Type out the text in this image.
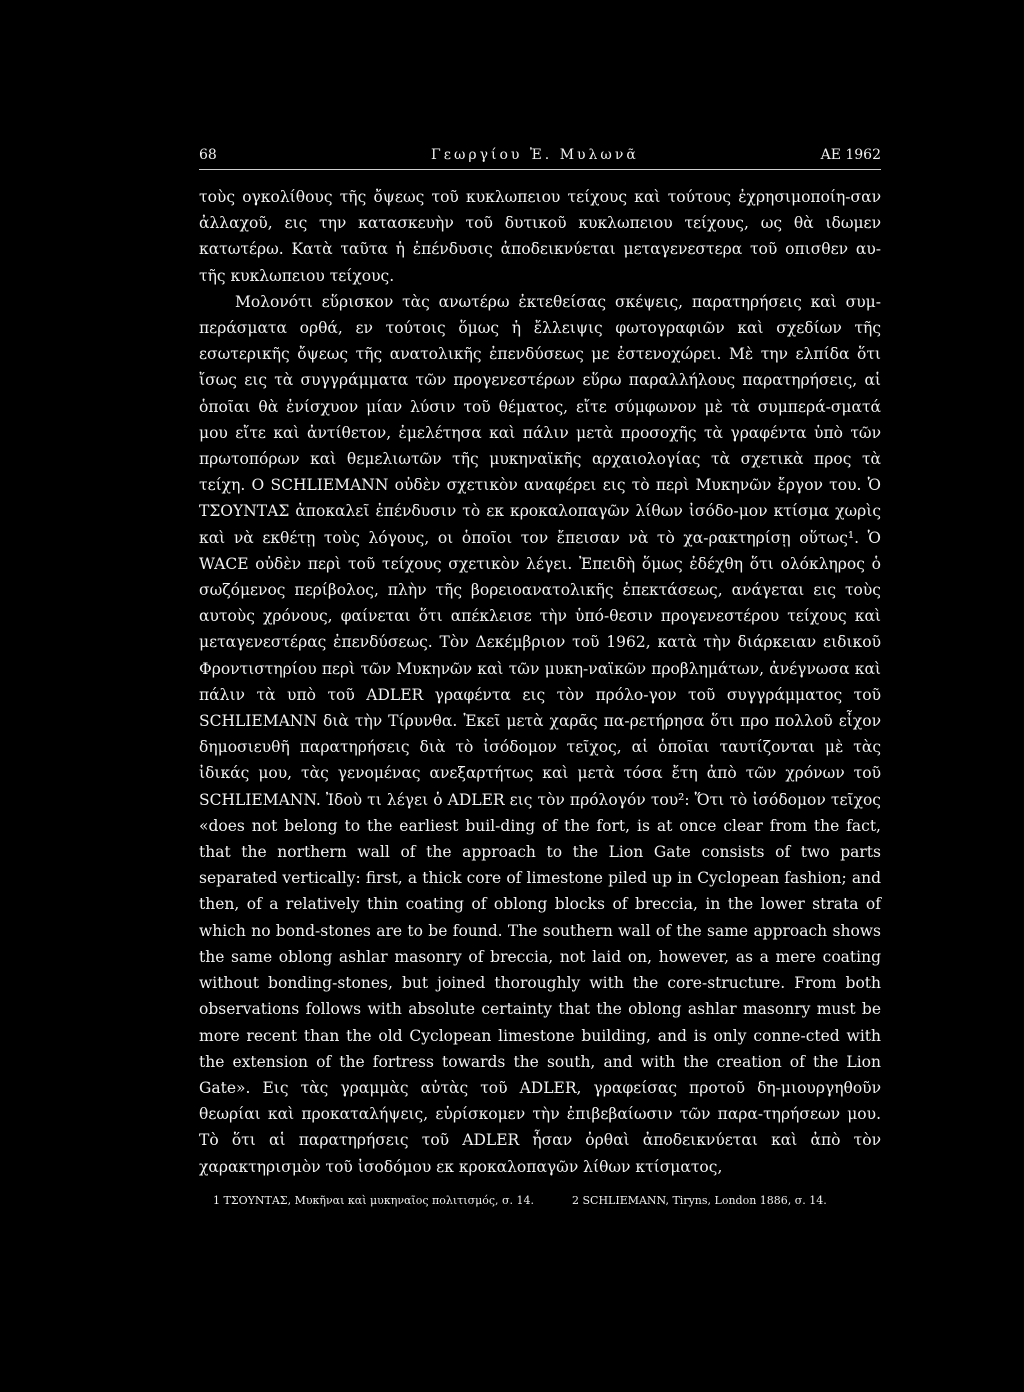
68	Γεωργίου Ἐ. Μυλωνᾶ	ΑΕ 1962

τοὺς ογκολίθους τῆς ὄψεως τοῦ κυκλωπειου τείχους καὶ τούτους ἐχρησιμοποίη-σαν ἀλλαχοῦ, εις την κατασκευὴν τοῦ δυτικοῦ κυκλωπειου τείχους, ως θὰ ιδωμεν κατωτέρω. Κατὰ ταῦτα ἡ ἐπένδυσις ἀποδεικνύεται μεταγενεστερα τοῦ οπισθεν αυ-τῆς κυκλωπειου τείχους.

Μολονότι εὕρισκον τὰς ανωτέρω ἐκτεθείσας σκέψεις, παρατηρήσεις καὶ συμ-περάσματα ορθά, εν τούτοις ὅμως ἡ ἔλλειψις φωτογραφιῶν καὶ σχεδίων τῆς εσωτερικῆς ὄψεως τῆς ανατολικῆς ἐπενδύσεως με ἐστενοχώρει. Μὲ την ελπίδα ὅτι ἴσως εις τὰ συγγράμματα τῶν προγενεστέρων εὕρω παραλλήλους παρατηρήσεις, αἱ ὁποῖαι θὰ ἐνίσχυον μίαν λύσιν τοῦ θέματος, εἴτε σύμφωνον μὲ τὰ συμπερά-σματά μου εἴτε καὶ ἀντίθετον, ἐμελέτησα καὶ πάλιν μετὰ προσοχῆς τὰ γραφέντα ὑπὸ τῶν πρωτοπόρων καὶ θεμελιωτῶν τῆς μυκηναϊκῆς αρχαιολογίας τὰ σχετικὰ προς τὰ τείχη. Ο SCHLIEMANN οὐδὲν σχετικὸν αναφέρει εις τὸ περὶ Μυκηνῶν ἔργον του. Ὁ ΤΣΟΥΝΤΑΣ ἀποκαλεῖ ἐπένδυσιν τὸ εκ κροκαλοπαγῶν λίθων ἰσόδο-μον κτίσμα χωρὶς καὶ νὰ εκθέτῃ τοὺς λόγους, οι ὁποῖοι τον ἔπεισαν νὰ τὸ χα-ρακτηρίσῃ οὕτως¹. Ὁ WACE οὐδὲν περὶ τοῦ τείχους σχετικὸν λέγει. Ἐπειδὴ ὅμως ἐδέχθη ὅτι ολόκληρος ὁ σωζόμενος περίβολος, πλὴν τῆς βορειοανατολικῆς ἐπεκτάσεως, ανάγεται εις τοὺς αυτοὺς χρόνους, φαίνεται ὅτι απέκλεισε τὴν ὑπό-θεσιν προγενεστέρου τείχους καὶ μεταγενεστέρας ἐπενδύσεως. Τὸν Δεκέμβριον τοῦ 1962, κατὰ τὴν διάρκειαν ειδικοῦ Φροντιστηρίου περὶ τῶν Μυκηνῶν καὶ τῶν μυκη-ναϊκῶν προβλημάτων, ἀνέγνωσα καὶ πάλιν τὰ υπὸ τοῦ ADLER γραφέντα εις τὸν πρόλο-γον τοῦ συγγράμματος τοῦ SCHLIEMANN διὰ τὴν Τίρυνθα. Ἐκεῖ μετὰ χαρᾶς πα-ρετήρησα ὅτι προ πολλοῦ εἶχον δημοσιευθῆ παρατηρήσεις διὰ τὸ ἰσόδομον τεῖχος, αἱ ὁποῖαι ταυτίζονται μὲ τὰς ἰδικάς μου, τὰς γενομένας ανεξαρτήτως καὶ μετὰ τόσα ἔτη ἀπὸ τῶν χρόνων τοῦ SCHLIEMANN. Ἰδοὺ τι λέγει ὁ ADLER εις τὸν πρόλογόν του²: Ὅτι τὸ ἰσόδομον τεῖχος «does not belong to the earliest buil-ding of the fort, is at once clear from the fact, that the northern wall of the approach to the Lion Gate consists of two parts separated vertically: first, a thick core of limestone piled up in Cyclopean fashion; and then, of a relatively thin coating of oblong blocks of breccia, in the lower strata of which no bond-stones are to be found. The southern wall of the same approach shows the same oblong ashlar masonry of breccia, not laid on, however, as a mere coating without bonding-stones, but joined thoroughly with the core-structure. From both observations follows with absolute certainty that the oblong ashlar masonry must be more recent than the old Cyclopean limestone building, and is only conne-cted with the extension of the fortress towards the south, and with the creation of the Lion Gate». Εις τὰς γραμμὰς αὐτὰς τοῦ ADLER, γραφείσας προτοῦ δη-μιουργηθοῦν θεωρίαι καὶ προκαταλήψεις, εὑρίσκομεν τὴν ἐπιβεβαίωσιν τῶν παρα-τηρήσεων μου. Τὸ ὅτι αἱ παρατηρήσεις τοῦ ADLER ἦσαν ὀρθαὶ ἀποδεικνύεται καὶ ἀπὸ τὸν χαρακτηρισμὸν τοῦ ἰσοδόμου εκ κροκαλοπαγῶν λίθων κτίσματος,

1 ΤΣΟΥΝΤΑΣ, Μυκῆναι καὶ μυκηναῖος πολιτισμός, σ. 14.	2 SCHLIEMANN, Tiryns, London 1886, σ. 14.
